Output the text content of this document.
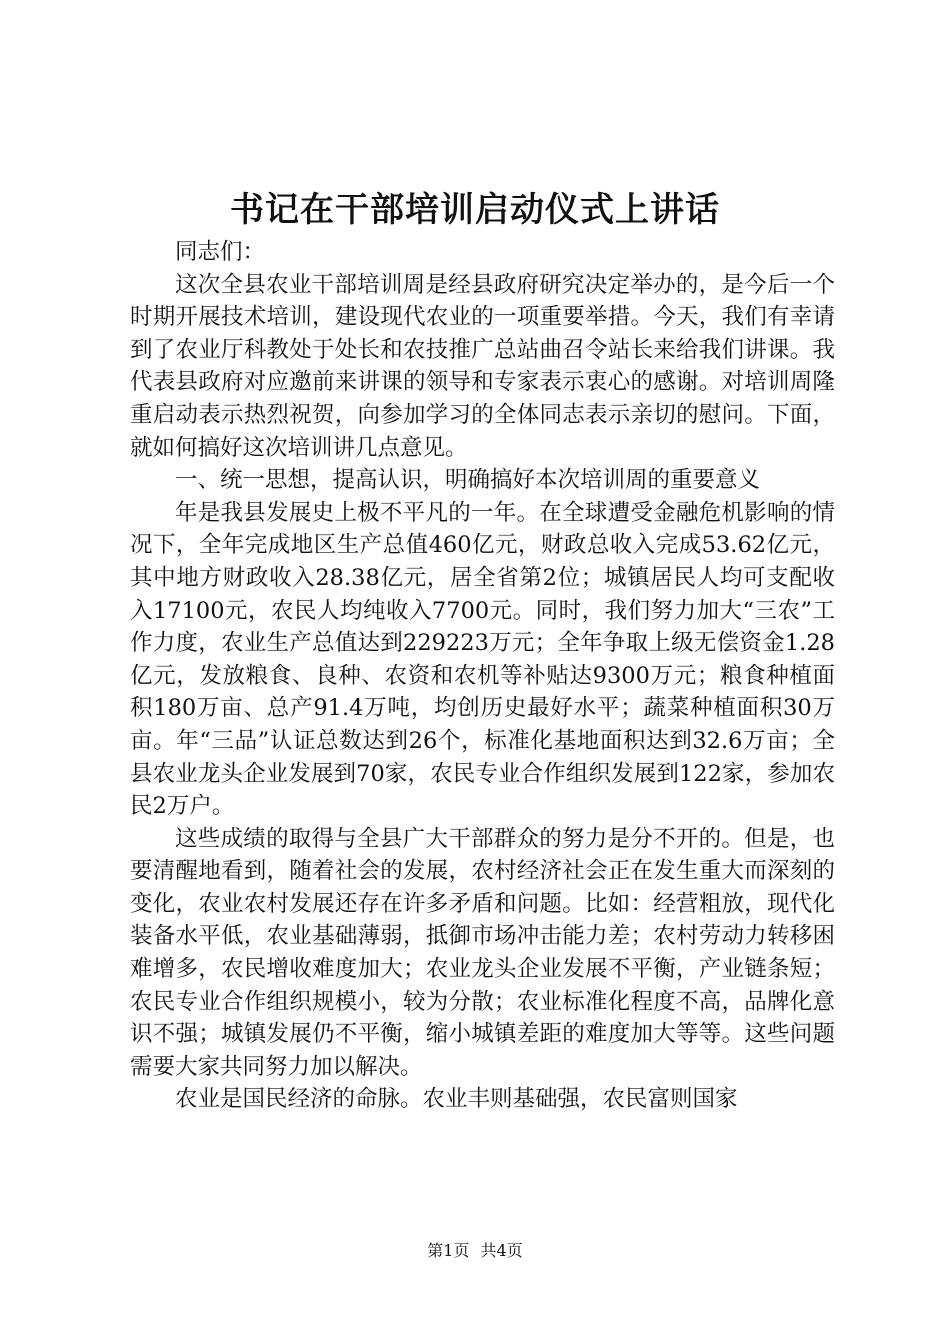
书记在干部培训启动仪式上讲话

同志们：

这次全县农业干部培训周是经县政府研究决定举办的，是今后一个时期开展技术培训，建设现代农业的一项重要举措。今天，我们有幸请到了农业厅科教处于处长和农技推广总站曲召令站长来给我们讲课。我代表县政府对应邀前来讲课的领导和专家表示衷心的感谢。对培训周隆重启动表示热烈祝贺，向参加学习的全体同志表示亲切的慰问。下面，就如何搞好这次培训讲几点意见。

一、统一思想，提高认识，明确搞好本次培训周的重要意义

年是我县发展史上极不平凡的一年。在全球遭受金融危机影响的情况下，全年完成地区生产总值460亿元，财政总收入完成53.62亿元，其中地方财政收入28.38亿元，居全省第2位；城镇居民人均可支配收入17100元，农民人均纯收入7700元。同时，我们努力加大“三农”工作力度，农业生产总值达到229223万元；全年争取上级无偿资金1.28亿元，发放粮食、良种、农资和农机等补贴达9300万元；粮食种植面积180万亩、总产91.4万吨，均创历史最好水平；蔬菜种植面积30万亩。年“三品”认证总数达到26个，标准化基地面积达到32.6万亩；全县农业龙头企业发展到70家，农民专业合作组织发展到122家，参加农民2万户。

这些成绩的取得与全县广大干部群众的努力是分不开的。但是，也要清醒地看到，随着社会的发展，农村经济社会正在发生重大而深刻的变化，农业农村发展还存在许多矛盾和问题。比如：经营粗放，现代化装备水平低，农业基础薄弱，抵御市场冲击能力差；农村劳动力转移困难增多，农民增收难度加大；农业龙头企业发展不平衡，产业链条短；农民专业合作组织规模小，较为分散；农业标准化程度不高，品牌化意识不强；城镇发展仍不平衡，缩小城镇差距的难度加大等等。这些问题需要大家共同努力加以解决。

农业是国民经济的命脉。农业丰则基础强，农民富则国家

第1页 共4页
